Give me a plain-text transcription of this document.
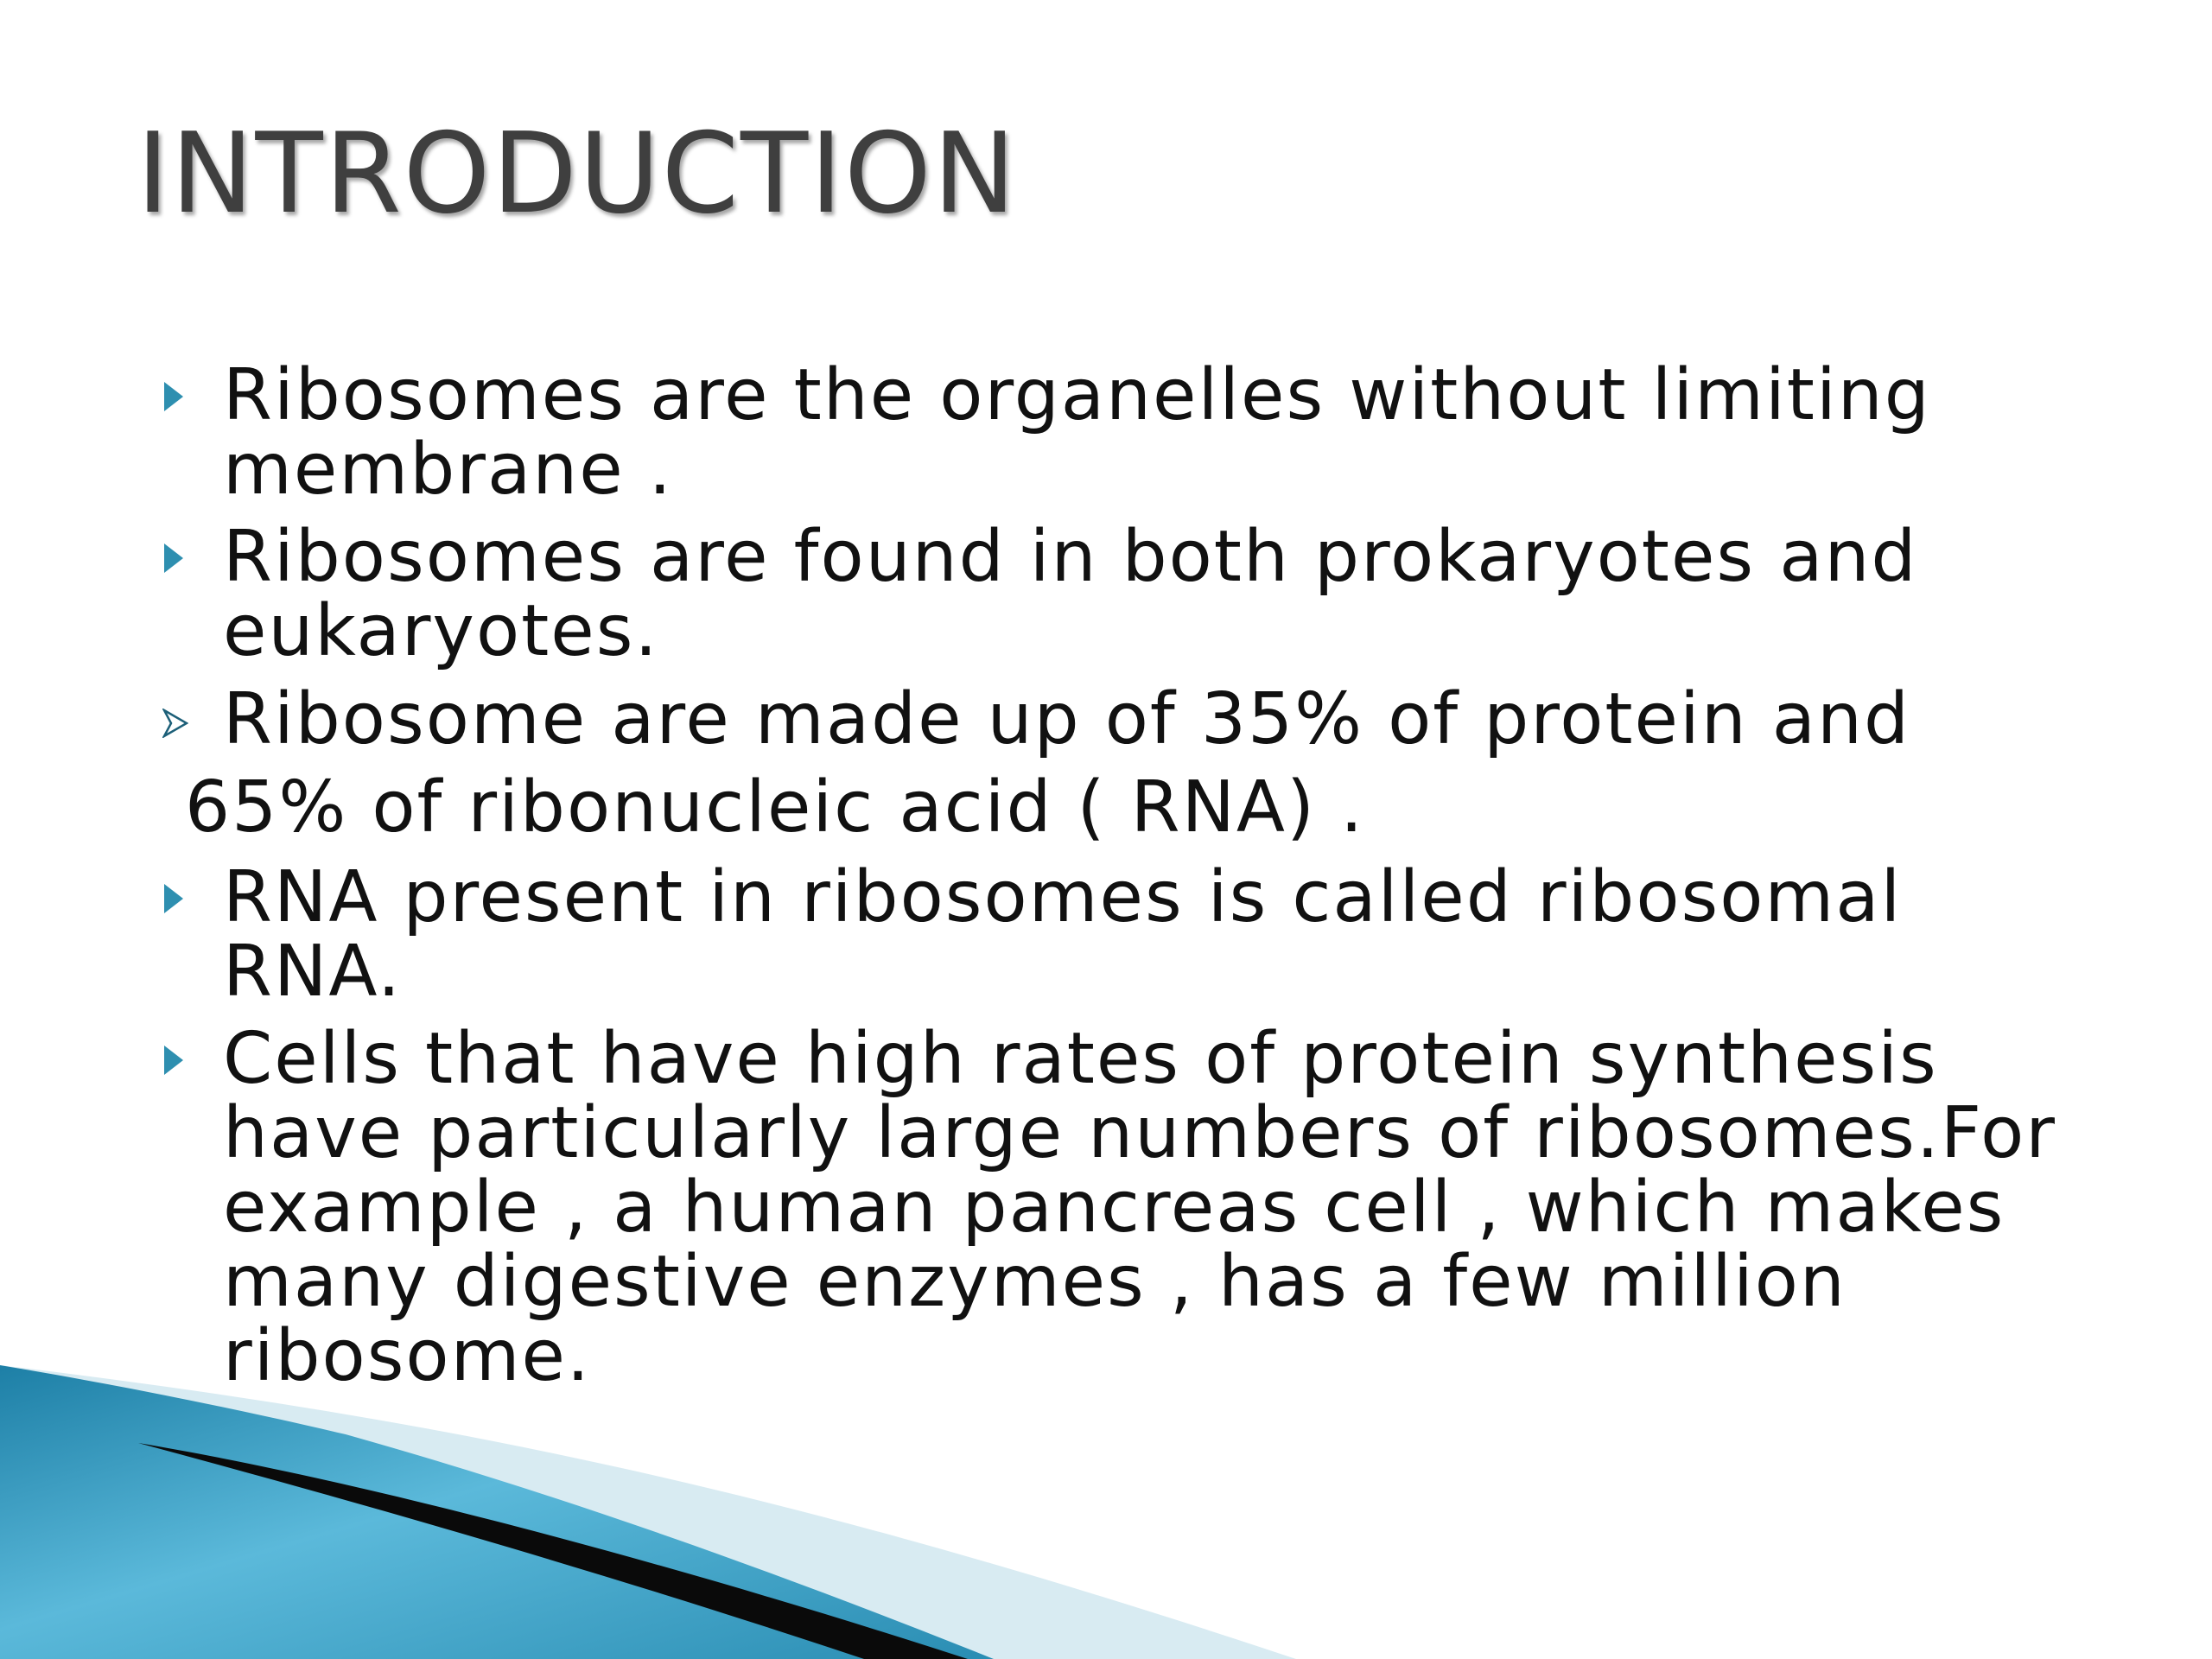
INTRODUCTION
Ribosomes are the organelles without limiting
membrane .
Ribosomes are found in both prokaryotes and
eukaryotes.
Ribosome are made up of 35% of protein and
65% of ribonucleic acid ( RNA) .
RNA present in ribosomes is called ribosomal
RNA.
Cells that have high rates of protein synthesis
have particularly large numbers of ribosomes.For
example , a human pancreas cell , which makes
many digestive enzymes , has a few million
ribosome.
